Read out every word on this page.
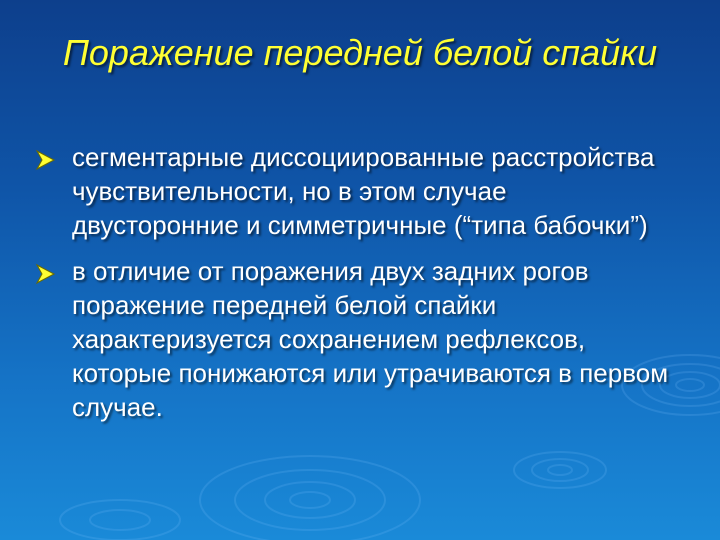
Поражение передней белой спайки
сегментарные диссоциированные расстройства чувствительности, но в этом случае двусторонние и симметричные (“типа бабочки”)
в отличие от поражения двух задних рогов поражение передней белой спайки характеризуется сохранением рефлексов, которые понижаются или утрачиваются в первом случае.
